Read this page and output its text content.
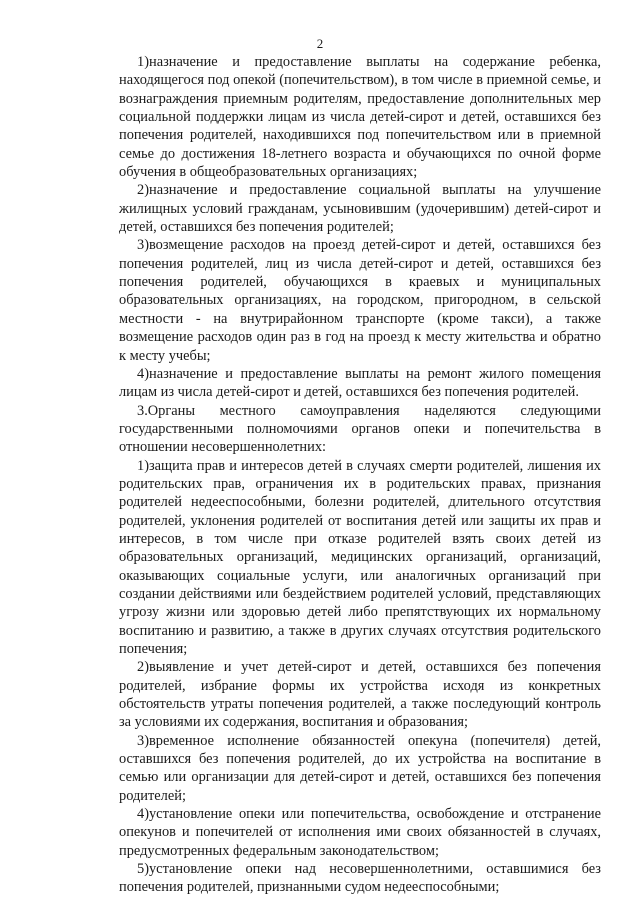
2

1)назначение и предоставление выплаты на содержание ребенка, находящегося под опекой (попечительством), в том числе в приемной семье, и вознаграждения приемным родителям, предоставление дополнительных мер социальной поддержки лицам из числа детей-сирот и детей, оставшихся без попечения родителей, находившихся под попечительством или в приемной семье до достижения 18-летнего возраста и обучающихся по очной форме обучения в общеобразовательных организациях;

2)назначение и предоставление социальной выплаты на улучшение жилищных условий гражданам, усыновившим (удочерившим) детей-сирот и детей, оставшихся без попечения родителей;

3)возмещение расходов на проезд детей-сирот и детей, оставшихся без попечения родителей, лиц из числа детей-сирот и детей, оставшихся без попечения родителей, обучающихся в краевых и муниципальных образовательных организациях, на городском, пригородном, в сельской местности - на внутрирайонном транспорте (кроме такси), а также возмещение расходов один раз в год на проезд к месту жительства и обратно к месту учебы;

4)назначение и предоставление выплаты на ремонт жилого помещения лицам из числа детей-сирот и детей, оставшихся без попечения родителей.

3.Органы местного самоуправления наделяются следующими государственными полномочиями органов опеки и попечительства в отношении несовершеннолетних:

1)защита прав и интересов детей в случаях смерти родителей, лишения их родительских прав, ограничения их в родительских правах, признания родителей недееспособными, болезни родителей, длительного отсутствия родителей, уклонения родителей от воспитания детей или защиты их прав и интересов, в том числе при отказе родителей взять своих детей из образовательных организаций, медицинских организаций, организаций, оказывающих социальные услуги, или аналогичных организаций при создании действиями или бездействием родителей условий, представляющих угрозу жизни или здоровью детей либо препятствующих их нормальному воспитанию и развитию, а также в других случаях отсутствия родительского попечения;

2)выявление и учет детей-сирот и детей, оставшихся без попечения родителей, избрание формы их устройства исходя из конкретных обстоятельств утраты попечения родителей, а также последующий контроль за условиями их содержания, воспитания и образования;

3)временное исполнение обязанностей опекуна (попечителя) детей, оставшихся без попечения родителей, до их устройства на воспитание в семью или организации для детей-сирот и детей, оставшихся без попечения родителей;

4)установление опеки или попечительства, освобождение и отстранение опекунов и попечителей от исполнения ими своих обязанностей в случаях, предусмотренных федеральным законодательством;

5)установление опеки над несовершеннолетними, оставшимися без попечения родителей, признанными судом недееспособными;
